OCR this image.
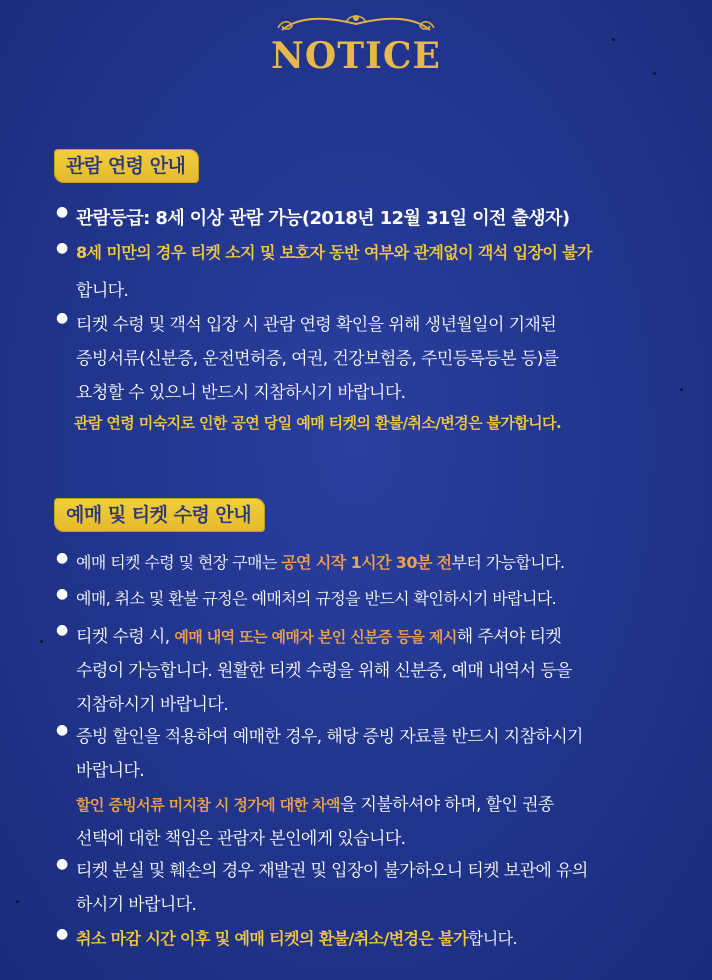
NOTICE
관람 연령 안내
● 관람등급: 8세 이상 관람 가능(2018년 12월 31일 이전 출생자)
● 8세 미만의 경우 티켓 소지 및 보호자 동반 여부와 관계없이 객석 입장이 불가
합니다.
● 티켓 수령 및 객석 입장 시 관람 연령 확인을 위해 생년월일이 기재된
증빙서류(신분증, 운전면허증, 여권, 건강보험증, 주민등록등본 등)를
요청할 수 있으니 반드시 지참하시기 바랍니다.
관람 연령 미숙지로 인한 공연 당일 예매 티켓의 환불/취소/변경은 불가합니다.
예매 및 티켓 수령 안내
● 예매 티켓 수령 및 현장 구매는 공연 시작 1시간 30분 전부터 가능합니다.
● 예매, 취소 및 환불 규정은 예매처의 규정을 반드시 확인하시기 바랍니다.
● 티켓 수령 시, 예매 내역 또는 예매자 본인 신분증 등을 제시해 주셔야 티켓
수령이 가능합니다. 원활한 티켓 수령을 위해 신분증, 예매 내역서 등을
지참하시기 바랍니다.
● 증빙 할인을 적용하여 예매한 경우, 해당 증빙 자료를 반드시 지참하시기
바랍니다.
할인 증빙서류 미지참 시 정가에 대한 차액을 지불하셔야 하며, 할인 권종
선택에 대한 책임은 관람자 본인에게 있습니다.
● 티켓 분실 및 훼손의 경우 재발권 및 입장이 불가하오니 티켓 보관에 유의
하시기 바랍니다.
● 취소 마감 시간 이후 및 예매 티켓의 환불/취소/변경은 불가합니다.
